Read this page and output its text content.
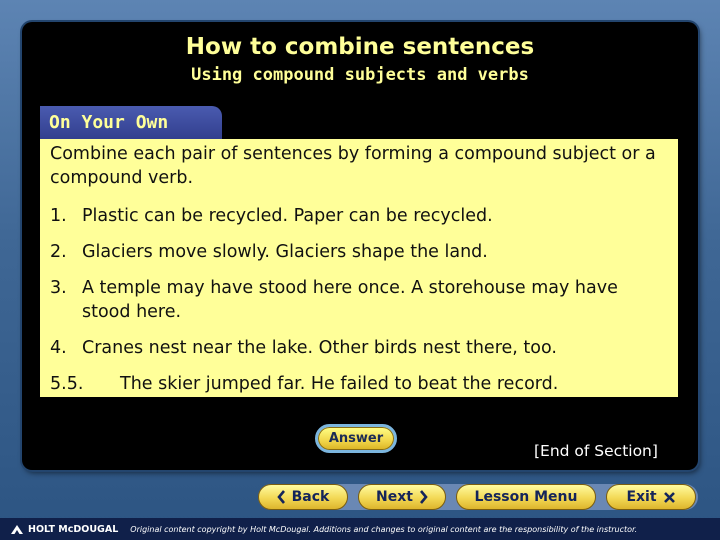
How to combine sentences
Using compound subjects and verbs
On Your Own
Combine each pair of sentences by forming a compound subject or a compound verb.
1. Plastic can be recycled. Paper can be recycled.
2. Glaciers move slowly. Glaciers shape the land.
3. A temple may have stood here once. A storehouse may have stood here.
4. Cranes nest near the lake. Other birds nest there, too.
5.5.	The skier jumped far. He failed to beat the record.
Answer
[End of Section]
Back	Next	Lesson Menu	Exit
HOLT McDOUGAL Original content copyright by Holt McDougal. Additions and changes to original content are the responsibility of the instructor.
